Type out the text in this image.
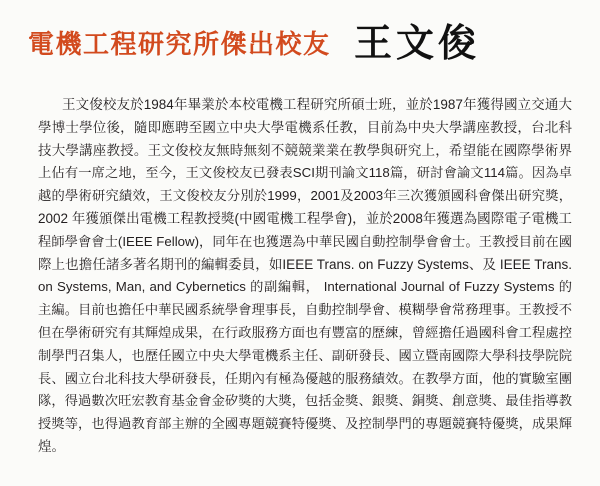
電機工程研究所傑出校友 王文俊
王文俊校友於1984年畢業於本校電機工程研究所碩士班，並於1987年獲得國立交通大
學博士學位後，隨即應聘至國立中央大學電機系任教，目前為中央大學講座教授，台北科
技大學講座教授。王文俊校友無時無刻不競競業業在教學與研究上，希望能在國際學術界
上佔有一席之地，至今，王文俊校友已發表SCI期刊論文118篇，研討會論文114篇。因為卓
越的學術研究績效，王文俊校友分別於1999，2001及2003年三次獲頒國科會傑出研究獎，
2002 年獲頒傑出電機工程教授獎(中國電機工程學會)，並於2008年獲選為國際電子電機工
程師學會會士(IEEE Fellow)，同年在也獲選為中華民國自動控制學會會士。王教授目前在國
際上也擔任諸多著名期刊的編輯委員，如IEEE Trans. on Fuzzy Systems、及 IEEE Trans.
on Systems, Man, and Cybernetics 的副編輯， International Journal of Fuzzy Systems 的
主編。目前也擔任中華民國系統學會理事長，自動控制學會、模糊學會常務理事。王教授不
但在學術研究有其輝煌成果，在行政服務方面也有豐富的歷練，曾經擔任過國科會工程處控
制學門召集人，也歷任國立中央大學電機系主任、副研發長、國立暨南國際大學科技學院院
長、國立台北科技大學研發長，任期內有極為優越的服務績效。在教學方面，他的實驗室團
隊，得過數次旺宏教育基金會金矽獎的大獎，包括金獎、銀獎、銅獎、創意獎、最佳指導教
授獎等，也得過教育部主辦的全國專題競賽特優獎、及控制學門的專題競賽特優獎，成果輝
煌。
